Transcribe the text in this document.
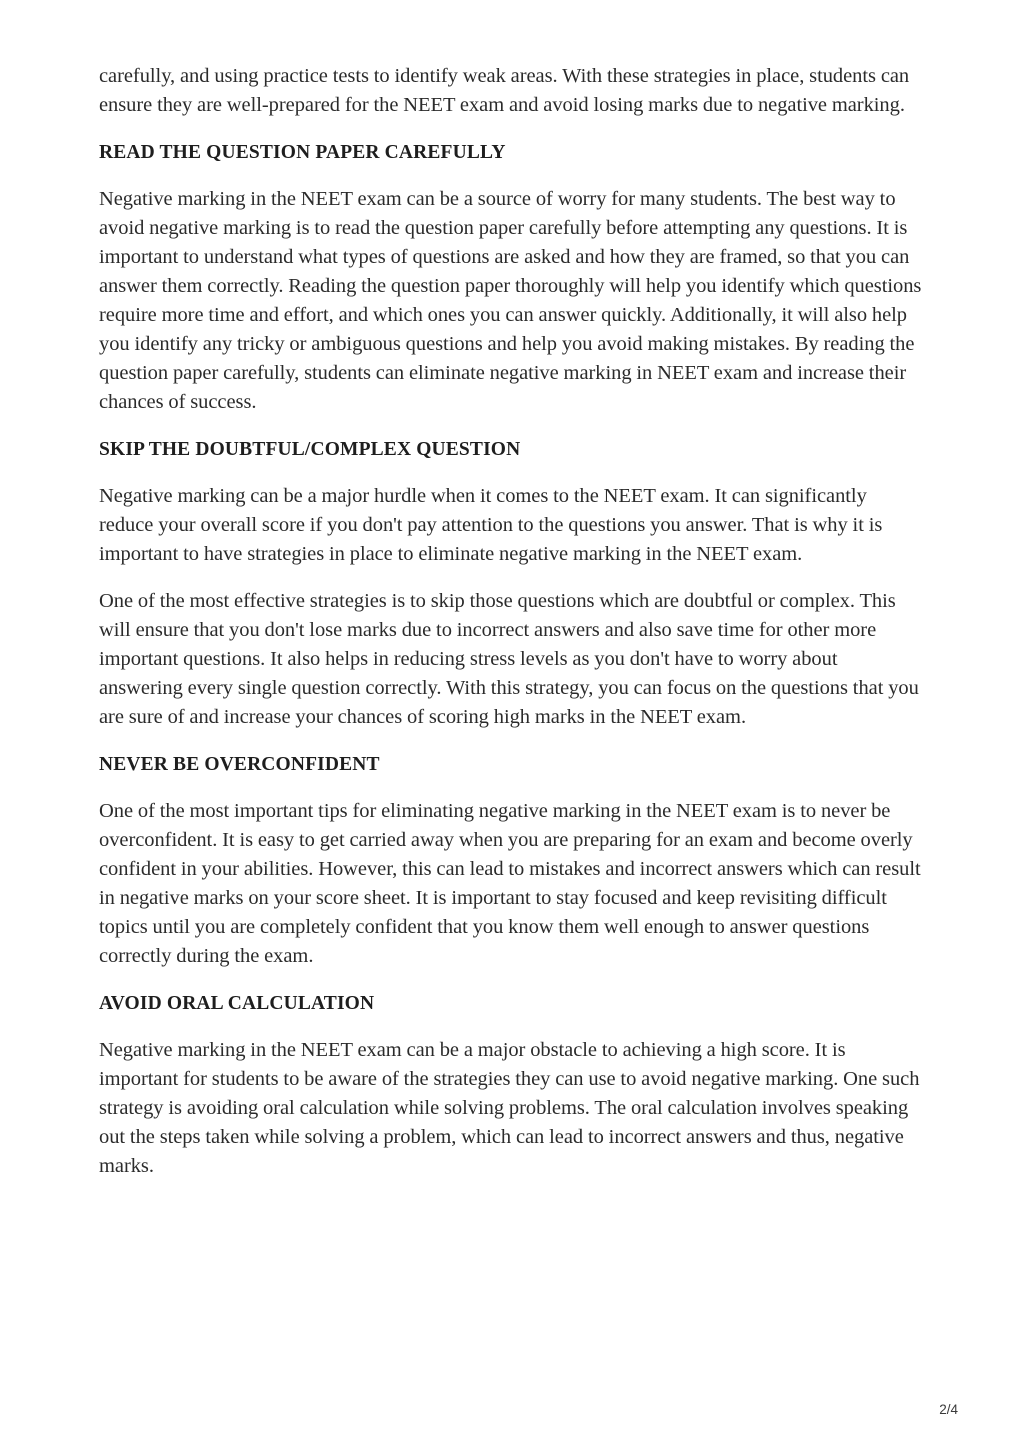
carefully, and using practice tests to identify weak areas. With these strategies in place, students can ensure they are well-prepared for the NEET exam and avoid losing marks due to negative marking.

READ THE QUESTION PAPER CAREFULLY

Negative marking in the NEET exam can be a source of worry for many students. The best way to avoid negative marking is to read the question paper carefully before attempting any questions. It is important to understand what types of questions are asked and how they are framed, so that you can answer them correctly. Reading the question paper thoroughly will help you identify which questions require more time and effort, and which ones you can answer quickly. Additionally, it will also help you identify any tricky or ambiguous questions and help you avoid making mistakes. By reading the question paper carefully, students can eliminate negative marking in NEET exam and increase their chances of success.

SKIP THE DOUBTFUL/COMPLEX QUESTION

Negative marking can be a major hurdle when it comes to the NEET exam. It can significantly reduce your overall score if you don't pay attention to the questions you answer. That is why it is important to have strategies in place to eliminate negative marking in the NEET exam.

One of the most effective strategies is to skip those questions which are doubtful or complex. This will ensure that you don't lose marks due to incorrect answers and also save time for other more important questions. It also helps in reducing stress levels as you don't have to worry about answering every single question correctly. With this strategy, you can focus on the questions that you are sure of and increase your chances of scoring high marks in the NEET exam.

NEVER BE OVERCONFIDENT

One of the most important tips for eliminating negative marking in the NEET exam is to never be overconfident. It is easy to get carried away when you are preparing for an exam and become overly confident in your abilities. However, this can lead to mistakes and incorrect answers which can result in negative marks on your score sheet. It is important to stay focused and keep revisiting difficult topics until you are completely confident that you know them well enough to answer questions correctly during the exam.

AVOID ORAL CALCULATION

Negative marking in the NEET exam can be a major obstacle to achieving a high score. It is important for students to be aware of the strategies they can use to avoid negative marking. One such strategy is avoiding oral calculation while solving problems. The oral calculation involves speaking out the steps taken while solving a problem, which can lead to incorrect answers and thus, negative marks.

2/4
